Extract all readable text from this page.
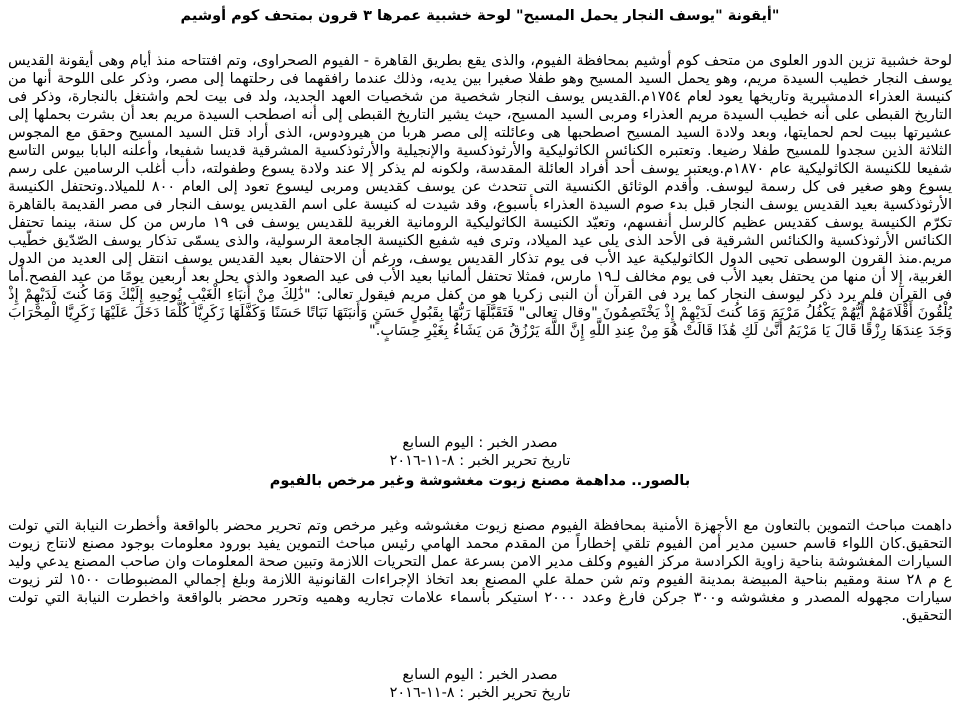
"أيقونة "يوسف النجار يحمل المسيح" لوحة خشبية عمرها ٣ قرون بمتحف كوم أوشيم

لوحة خشبية تزين الدور العلوى من متحف كوم أوشيم بمحافظة الفيوم، والذى يقع بطريق القاهرة - الفيوم الصحراوى، وتم افتتاحه منذ أيام وهى أيقونة القديس يوسف النجار خطيب السيدة مريم، وهو يحمل السيد المسيح وهو طفلا صغيرا بين يديه، وذلك عندما رافقهما فى رحلتهما إلى مصر، وذكر على اللوحة أنها من كنيسة العذراء الدمشيرية وتاريخها يعود لعام ١٧٥٤م.القديس يوسف النجار شخصية من شخصيات العهد الجديد، ولد فى بيت لحم واشتغل بالنجارة، وذكر فى التاريخ القبطى على أنه خطيب السيدة مريم العذراء ومربى السيد المسيح، حيث يشير التاريخ القبطى إلى أنه اصطحب السيدة مريم بعد أن بشرت بحملها إلى عشيرتها ببيت لحم لحمايتها، وبعد ولادة السيد المسيح اصطحبها هى وعائلته إلى مصر هربا من هيرودوس، الذى أراد قتل السيد المسيح وحقق مع المجوس الثلاثة الذين سجدوا للمسيح طفلا رضيعا. وتعتبره الكنائس الكاثوليكية والأرثوذكسية والإنجيلية والأرثوذكسية المشرقية قديسا شفيعا، وأعلنه البابا بيوس التاسع شفيعا للكنيسة الكاثوليكية عام ١٨٧٠م.ويعتبر يوسف أحد أفراد العائلة المقدسة، ولكونه لم يذكر إلا عند ولادة يسوع وطفولته، دأب أغلب الرسامين على رسم يسوع وهو صغير فى كل رسمة ليوسف. وأقدم الوثائق الكنسية التى تتحدث عن يوسف كقديس ومربى ليسوع تعود إلى العام ٨٠٠ للميلاد.وتحتفل الكنيسة الأرثوذكسية بعيد القديس يوسف النجار قبل بدء صوم السيدة العذراء بأسبوع، وقد شيدت له كنيسة على اسم القديس يوسف النجار فى مصر القديمة بالقاهرة تكرّم الكنيسة يوسف كقديس عظيم كالرسل أنفسهم، وتعيّد الكنيسة الكاثوليكية الرومانية الغربية للقديس يوسف فى ١٩ مارس من كل سنة، بينما تحتفل الكنائس الأرثوذكسية والكنائس الشرقية فى الأحد الذى يلى عيد الميلاد، وترى فيه شفيع الكنيسة الجامعة الرسولية، والذى يسمّى تذكار يوسف الصّدّيق خطّيب مريم.منذ القرون الوسطى تحيى الدول الكاثوليكية عيد الأب فى يوم تذكار القديس يوسف، ورغم أن الاحتفال بعيد القديس يوسف انتقل إلى العديد من الدول الغربية، إلا أن منها من يحتفل بعيد الأب فى يوم مخالف لـ١٩ مارس، فمثلا تحتفل ألمانيا بعيد الأب فى عيد الصعود والذى يحل بعد أربعين يومًا من عيد الفصح.أما فى القرآن فلم يرد ذكر ليوسف النجار كما يرد فى القرآن أن النبى زكريا هو من كفل مريم فيقول تعالى: "ذَٰلِكَ مِنْ أَنبَاءِ الْغَيْبِ نُوحِيهِ إِلَيْكَ وَمَا كُنتَ لَدَيْهِمْ إِذْ يُلْقُونَ أَقْلَامَهُمْ أَيُّهُمْ يَكْفُلُ مَرْيَمَ وَمَا كُنتَ لَدَيْهِمْ إِذْ يَخْتَصِمُونَ "وقال تعالى" فَتَقَبَّلَهَا رَبُّهَا بِقَبُولٍ حَسَنٍ وَأَنبَتَهَا نَبَاتًا حَسَنًا وَكَفَّلَهَا زَكَرِيَّا كُلَّمَا دَخَلَ عَلَيْهَا زَكَرِيَّا الْمِحْرَابَ وَجَدَ عِندَهَا رِزْقًا قَالَ يَا مَرْيَمُ أَنَّىٰ لَكِ هَٰذَا قَالَتْ هُوَ مِنْ عِندِ اللَّهِ إِنَّ اللَّهَ يَرْزُقُ مَن يَشَاءُ بِغَيْرِ حِسَابٍ."

مصدر الخبر : اليوم السابع
تاريخ تحرير الخبر : ٨-١١-٢٠١٦
بالصور.. مداهمة مصنع زيوت مغشوشة وغير مرخص بالفيوم

داهمت مباحث التموين بالتعاون مع الأجهزة الأمنية بمحافظة الفيوم مصنع زيوت مغشوشه وغير مرخص وتم تحرير محضر بالواقعة وأخطرت النيابة التي تولت التحقيق.كان اللواء قاسم حسين مدير أمن الفيوم تلقي إخطاراً من المقدم محمد الهامي رئيس مباحث التموين يفيد بورود معلومات بوجود مصنع لانتاج زيوت السيارات المغشوشة بناحية زاوية الكرادسة مركز الفيوم وكلف مدير الامن بسرعة عمل التحريات اللازمة وتبين صحة المعلومات وان صاحب المصنع يدعي وليد ع م ٢٨ سنة ومقيم بناحية المبيضة بمدينة الفيوم وتم شن حملة علي المصنع بعد اتخاذ الإجراءات القانونية اللازمة وبلغ إجمالي المضبوطات ١٥٠٠ لتر زيوت سيارات مجهوله المصدر و مغشوشه و٣٠٠ جركن فارغ وعدد ٢٠٠٠ استيكر بأسماء علامات تجاريه وهميه وتحرر محضر بالواقعة واخطرت النيابة التي تولت التحقيق.

مصدر الخبر : اليوم السابع
تاريخ تحرير الخبر : ٨-١١-٢٠١٦
